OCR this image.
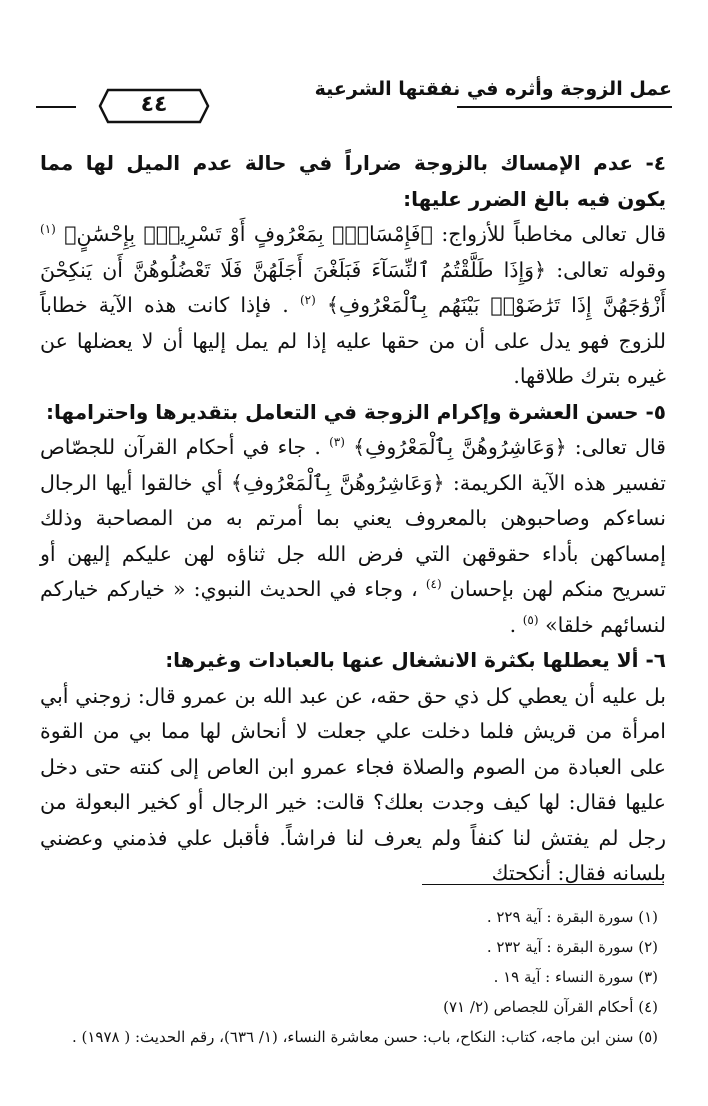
عمل الزوجة وأثره في نفقتها الشرعية
٤٤

٤- عدم الإمساك بالزوجة ضراراً في حالة عدم الميل لها مما يكون فيه بالغ الضرر عليها:

قال تعالى مخاطباً للأزواج: ﴿فَإِمْسَاكٌۢ بِمَعْرُوفٍ أَوْ تَسْرِيحٌۢ بِإِحْسَٰنٍ﴾ $^{(١)}$ وقوله تعالى: ﴿وَإِذَا طَلَّقْتُمُ ٱلنِّسَآءَ فَبَلَغْنَ أَجَلَهُنَّ فَلَا تَعْضُلُوهُنَّ أَن يَنكِحْنَ أَزْوَٰجَهُنَّ إِذَا تَرَٰضَوْا۟ بَيْنَهُم بِٱلْمَعْرُوفِ﴾ $^{(٢)}$ . فإذا كانت هذه الآية خطاباً للزوج فهو يدل على أن من حقها عليه إذا لم يمل إليها أن لا يعضلها عن غيره بترك طلاقها.

٥- حسن العشرة وإكرام الزوجة في التعامل بتقديرها واحترامها:

قال تعالى: ﴿وَعَاشِرُوهُنَّ بِٱلْمَعْرُوفِ﴾ $^{(٣)}$ . جاء في أحكام القرآن للجصّاص تفسير هذه الآية الكريمة: ﴿وَعَاشِرُوهُنَّ بِٱلْمَعْرُوفِ﴾ أي خالقوا أيها الرجال نساءكم وصاحبوهن بالمعروف يعني بما أمرتم به من المصاحبة وذلك إمساكهن بأداء حقوقهن التي فرض الله جل ثناؤه لهن عليكم إليهن أو تسريح منكم لهن بإحسان $^{(٤)}$ ، وجاء في الحديث النبوي: « خياركم خياركم لنسائهم خلقا» $^{(٥)}$ .

٦- ألا يعطلها بكثرة الانشغال عنها بالعبادات وغيرها:

بل عليه أن يعطي كل ذي حق حقه، عن عبد الله بن عمرو قال: زوجني أبي امرأة من قريش فلما دخلت علي جعلت لا أنحاش لها مما بي من القوة على العبادة من الصوم والصلاة فجاء عمرو ابن العاص إلى كنته حتى دخل عليها فقال: لها كيف وجدت بعلك؟ قالت: خير الرجال أو كخير البعولة من رجل لم يفتش لنا كنفاً ولم يعرف لنا فراشاً. فأقبل علي فذمني وعضني بلسانه فقال: أنكحتك

(١) سورة البقرة : آية ٢٢٩ .
(٢) سورة البقرة : آية ٢٣٢ .
(٣) سورة النساء : آية ١٩ .
(٤) أحكام القرآن للجصاص (٢/ ٧١)
(٥) سنن ابن ماجه، كتاب: النكاح، باب: حسن معاشرة النساء، (١/ ٦٣٦)، رقم الحديث: ( ١٩٧٨) .
